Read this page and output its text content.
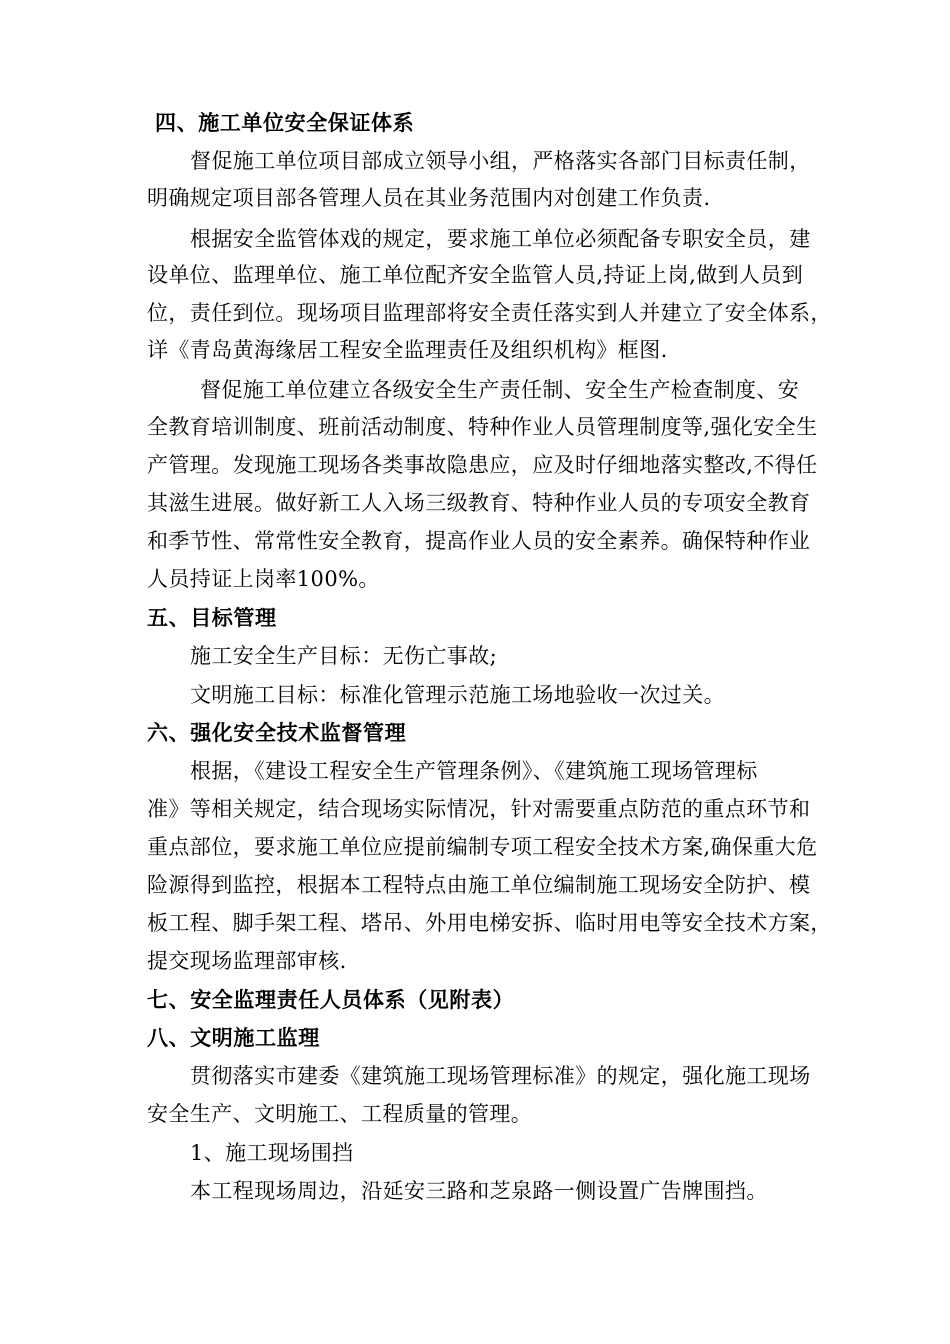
四、施工单位安全保证体系
督促施工单位项目部成立领导小组，严格落实各部门目标责任制，
明确规定项目部各管理人员在其业务范围内对创建工作负责.
根据安全监管体戏的规定，要求施工单位必须配备专职安全员，建
设单位、监理单位、施工单位配齐安全监管人员,持证上岗,做到人员到
位，责任到位。现场项目监理部将安全责任落实到人并建立了安全体系，
详《青岛黄海缘居工程安全监理责任及组织机构》框图.
督促施工单位建立各级安全生产责任制、安全生产检查制度、安
全教育培训制度、班前活动制度、特种作业人员管理制度等,强化安全生
产管理。发现施工现场各类事故隐患应，应及时仔细地落实整改,不得任
其滋生进展。做好新工人入场三级教育、特种作业人员的专项安全教育
和季节性、常常性安全教育，提高作业人员的安全素养。确保特种作业
人员持证上岗率100%。
五、目标管理
施工安全生产目标：无伤亡事故;
文明施工目标：标准化管理示范施工场地验收一次过关。
六、强化安全技术监督管理
根据，《建设工程安全生产管理条例》、《建筑施工现场管理标
准》等相关规定，结合现场实际情况，针对需要重点防范的重点环节和
重点部位，要求施工单位应提前编制专项工程安全技术方案,确保重大危
险源得到监控，根据本工程特点由施工单位编制施工现场安全防护、模
板工程、脚手架工程、塔吊、外用电梯安拆、临时用电等安全技术方案，
提交现场监理部审核.
七、安全监理责任人员体系（见附表）
八、文明施工监理
贯彻落实市建委《建筑施工现场管理标准》的规定，强化施工现场
安全生产、文明施工、工程质量的管理。
1、施工现场围挡
本工程现场周边，沿延安三路和芝泉路一侧设置广告牌围挡。
